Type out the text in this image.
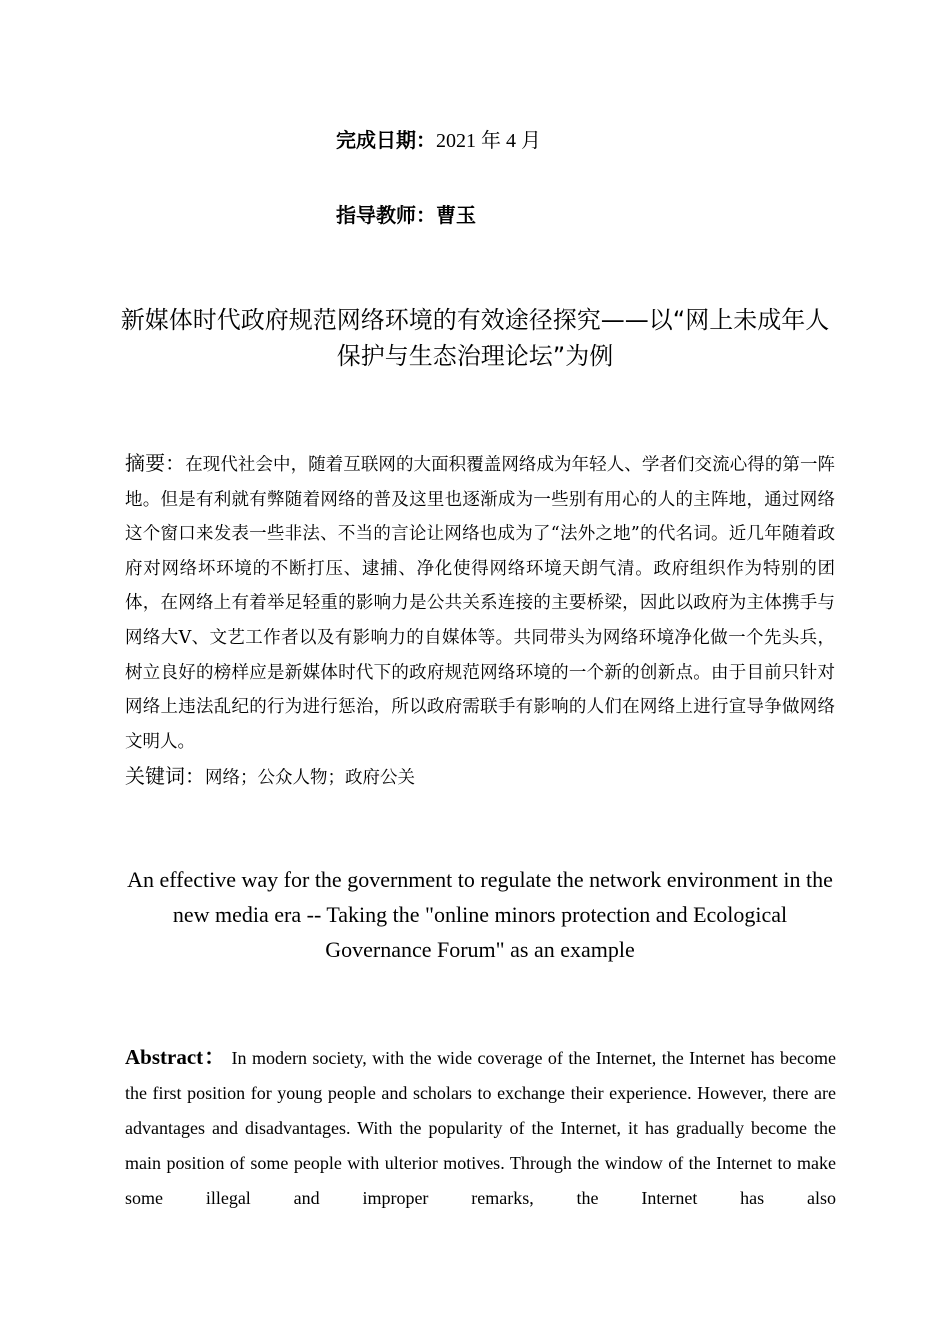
完成日期：2021 年 4 月
指导教师：曹玉
新媒体时代政府规范网络环境的有效途径探究——以“网上未成年人保护与生态治理论坛”为例
摘要：在现代社会中，随着互联网的大面积覆盖网络成为年轻人、学者们交流心得的第一阵地。但是有利就有弊随着网络的普及这里也逐渐成为一些别有用心的人的主阵地，通过网络这个窗口来发表一些非法、不当的言论让网络也成为了“法外之地”的代名词。近几年随着政府对网络坏环境的不断打压、逮捕、净化使得网络环境天朗气清。政府组织作为特别的团体，在网络上有着举足轻重的影响力是公共关系连接的主要桥梁，因此以政府为主体携手与网络大V、文艺工作者以及有影响力的自媒体等。共同带头为网络环境净化做一个先头兵，树立良好的榜样应是新媒体时代下的政府规范网络环境的一个新的创新点。由于目前只针对网络上违法乱纪的行为进行惩治，所以政府需联手有影响的人们在网络上进行宣导争做网络文明人。
关键词：网络；公众人物；政府公关
An effective way for the government to regulate the network environment in the new media era -- Taking the "online minors protection and Ecological Governance Forum" as an example
Abstract： In modern society, with the wide coverage of the Internet, the Internet has become the first position for young people and scholars to exchange their experience. However, there are advantages and disadvantages. With the popularity of the Internet, it has gradually become the main position of some people with ulterior motives. Through the window of the Internet to make some illegal and improper remarks, the Internet has also
